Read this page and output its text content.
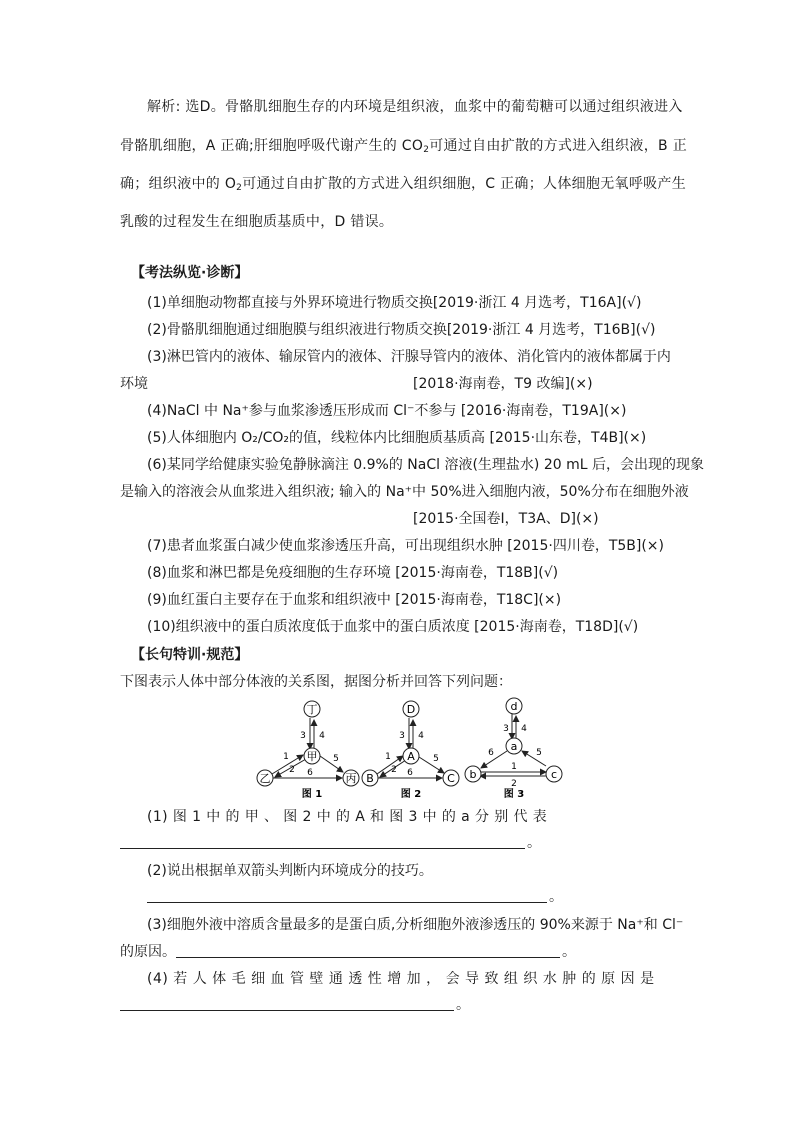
解析: 选D。骨骼肌细胞生存的内环境是组织液，血浆中的葡萄糖可以通过组织液进入
骨骼肌细胞，A 正确;肝细胞呼吸代谢产生的 $CO_2$可通过自由扩散的方式进入组织液，B 正
确；组织液中的 $O_2$可通过自由扩散的方式进入组织细胞，C 正确；人体细胞无氧呼吸产生
乳酸的过程发生在细胞质基质中，D 错误。
【考法纵览·诊断】
(1)单细胞动物都直接与外界环境进行物质交换[2019·浙江 4 月选考，T16A](√)
(2)骨骼肌细胞通过细胞膜与组织液进行物质交换[2019·浙江 4 月选考，T16B](√)
(3)淋巴管内的液体、输尿管内的液体、汗腺导管内的液体、消化管内的液体都属于内
环境	[2018·海南卷，T9 改编](×)
(4)NaCl 中 Na⁺参与血浆渗透压形成而 Cl⁻不参与 [2016·海南卷，T19A](×)
(5)人体细胞内 O₂/CO₂的值，线粒体内比细胞质基质高 [2015·山东卷，T4B](×)
(6)某同学给健康实验兔静脉滴注 0.9%的 NaCl 溶液(生理盐水) 20 mL 后，会出现的现象
是输入的溶液会从血浆进入组织液; 输入的 Na⁺中 50%进入细胞内液，50%分布在细胞外液
[2015·全国卷Ⅰ，T3A、D](×)
(7)患者血浆蛋白减少使血浆渗透压升高，可出现组织水肿 [2015·四川卷，T5B](×)
(8)血浆和淋巴都是免疫细胞的生存环境 [2015·海南卷，T18B](√)
(9)血红蛋白主要存在于血浆和组织液中 [2015·海南卷，T18C](×)
(10)组织液中的蛋白质浓度低于血浆中的蛋白质浓度 [2015·海南卷，T18D](√)
【长句特训·规范】
下图表示人体中部分体液的关系图，据图分析并回答下列问题：
丁
甲
乙	丙
3 4
1
2
5
6
图 1
D
A
B	C
3 4
1
2
5
6
图 2
d
a
b	c
3 4
6	5
1
2
图 3
(1) 图 1 中 的 甲 、 图 2 中 的 A 和 图 3 中 的 a 分 别 代 表
。
(2)说出根据单双箭头判断内环境成分的技巧。
。
(3)细胞外液中溶质含量最多的是蛋白质,分析细胞外液渗透压的 90%来源于 Na⁺和 Cl⁻
的原因。	。
(4) 若 人 体 毛 细 血 管 壁 通 透 性 增 加 ， 会 导 致 组 织 水 肿 的 原 因 是
。
